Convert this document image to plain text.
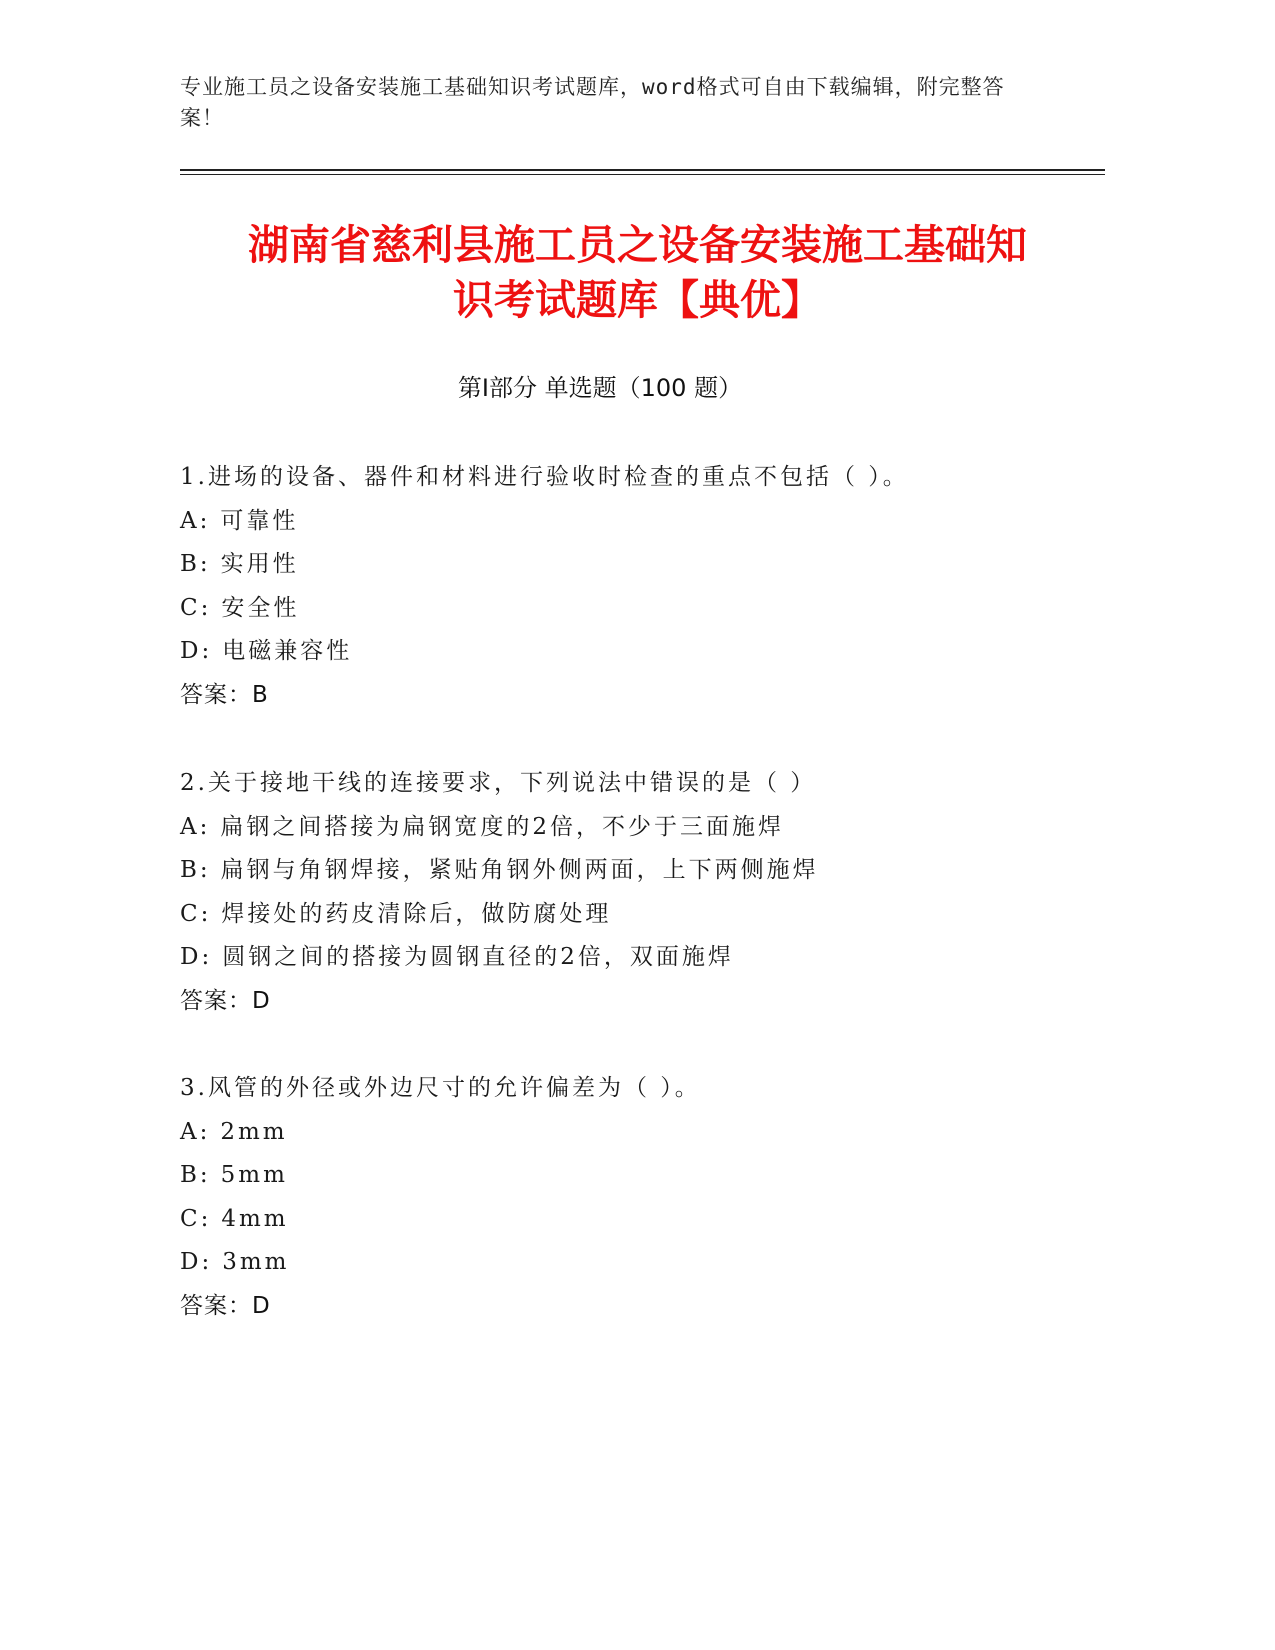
专业施工员之设备安装施工基础知识考试题库，word格式可自由下载编辑，附完整答案！
湖南省慈利县施工员之设备安装施工基础知
识考试题库【典优】
第Ⅰ部分 单选题（100 题）
1.进场的设备、器件和材料进行验收时检查的重点不包括（ ）。
A: 可靠性
B: 实用性
C: 安全性
D: 电磁兼容性
答案：B
2.关于接地干线的连接要求，下列说法中错误的是（ ）
A: 扁钢之间搭接为扁钢宽度的2倍，不少于三面施焊
B: 扁钢与角钢焊接，紧贴角钢外侧两面，上下两侧施焊
C: 焊接处的药皮清除后，做防腐处理
D: 圆钢之间的搭接为圆钢直径的2倍，双面施焊
答案：D
3.风管的外径或外边尺寸的允许偏差为（ ）。
A: 2mm
B: 5mm
C: 4mm
D: 3mm
答案：D
